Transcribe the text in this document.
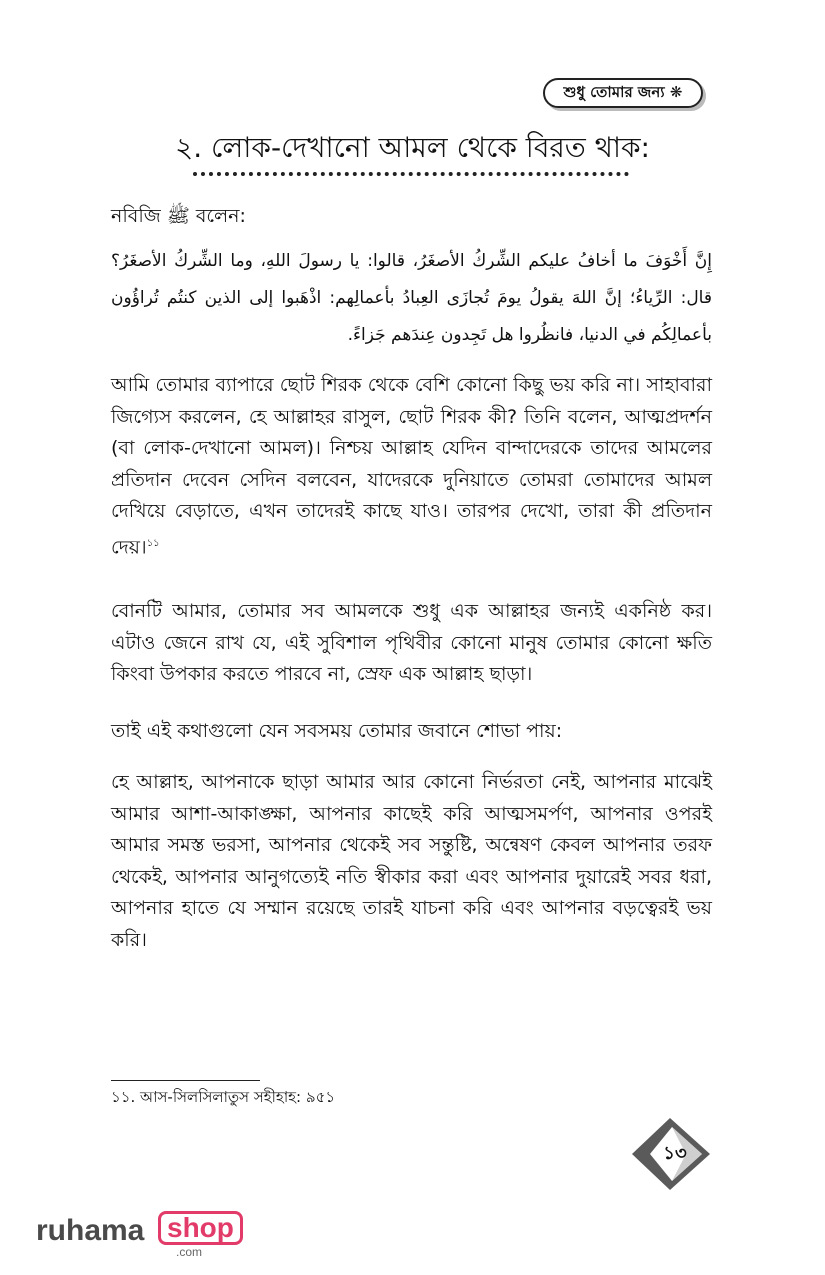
শুধু তোমার জন্য ❋
২. লোক-দেখানো আমল থেকে বিরত থাক:

নবিজি ﷺ বলেন:

إِنَّ أَخْوَفَ ما أخافُ عليكم الشِّركُ الأصغَرُ، قالوا: يا رسولَ اللهِ، وما الشِّركُ الأصغَرُ؟ قال: الرِّياءُ؛ إنَّ اللهَ يقولُ يومَ تُجازَى العِبادُ بأعمالِهم: اذْهَبوا إلى الذين كنتُم تُراؤُون بأعمالِكُم في الدنيا، فانظُروا هل تَجِدون عِندَهم جَزاءً.

আমি তোমার ব্যাপারে ছোট শিরক থেকে বেশি কোনো কিছু ভয় করি না। সাহাবারা জিগ্যেস করলেন, হে আল্লাহর রাসুল, ছোট শিরক কী? তিনি বলেন, আত্মপ্রদর্শন (বা লোক-দেখানো আমল)। নিশ্চয় আল্লাহ যেদিন বান্দাদেরকে তাদের আমলের প্রতিদান দেবেন সেদিন বলবেন, যাদেরকে দুনিয়াতে তোমরা তোমাদের আমল দেখিয়ে বেড়াতে, এখন তাদেরই কাছে যাও। তারপর দেখো, তারা কী প্রতিদান দেয়।$^{১১}$

বোনটি আমার, তোমার সব আমলকে শুধু এক আল্লাহর জন্যই একনিষ্ঠ কর। এটাও জেনে রাখ যে, এই সুবিশাল পৃথিবীর কোনো মানুষ তোমার কোনো ক্ষতি কিংবা উপকার করতে পারবে না, স্রেফ এক আল্লাহ ছাড়া।

তাই এই কথাগুলো যেন সবসময় তোমার জবানে শোভা পায়:

হে আল্লাহ, আপনাকে ছাড়া আমার আর কোনো নির্ভরতা নেই, আপনার মাঝেই আমার আশা-আকাঙ্ক্ষা, আপনার কাছেই করি আত্মসমর্পণ, আপনার ওপরই আমার সমস্ত ভরসা, আপনার থেকেই সব সন্তুষ্টি, অন্বেষণ কেবল আপনার তরফ থেকেই, আপনার আনুগত্যেই নতি স্বীকার করা এবং আপনার দুয়ারেই সবর ধরা, আপনার হাতে যে সম্মান রয়েছে তারই যাচনা করি এবং আপনার বড়ত্বেরই ভয় করি।

১১. আস-সিলসিলাতুস সহীহাহ: ৯৫১
১৩
ruhama shop
.com
